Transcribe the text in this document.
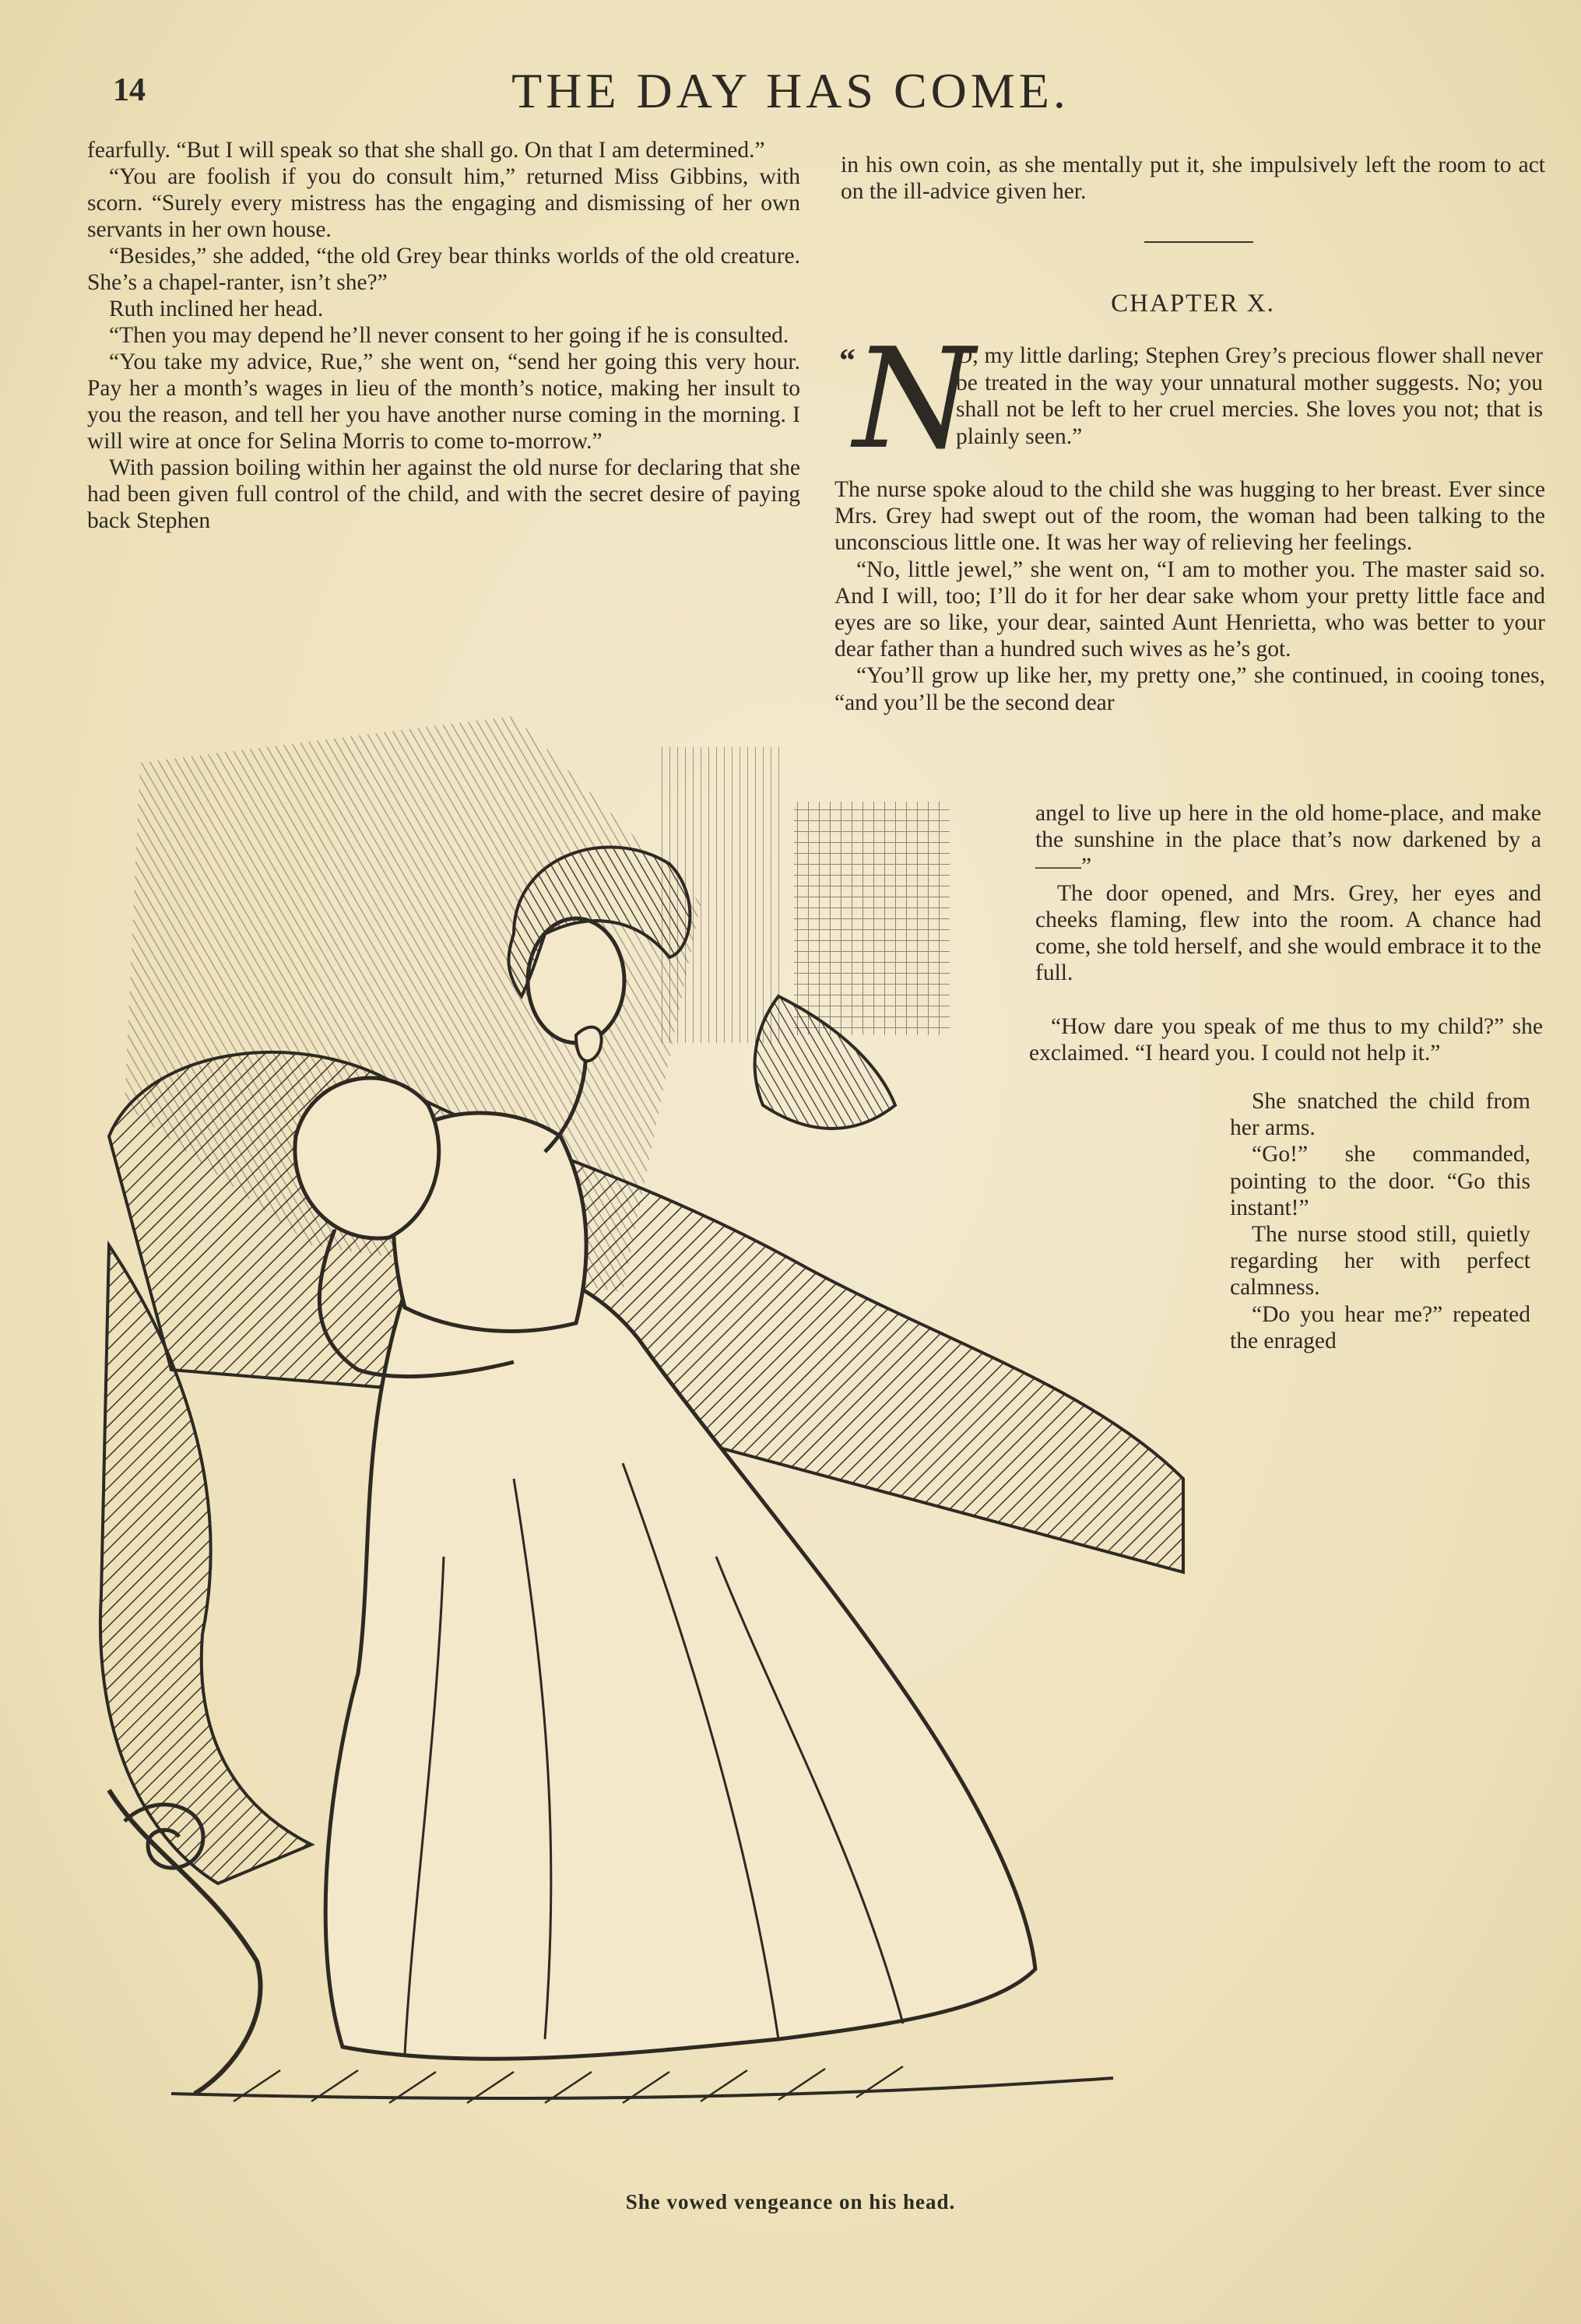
14	THE DAY HAS COME.

fearfully. “But I will speak so that she shall go. On that I am determined.”

“You are foolish if you do consult him,” returned Miss Gibbins, with scorn. “Surely every mistress has the engaging and dismissing of her own servants in her own house.

“Besides,” she added, “the old Grey bear thinks worlds of the old creature. She’s a chapel-ranter, isn’t she?”

Ruth inclined her head.

“Then you may depend he’ll never consent to her going if he is consulted.

“You take my advice, Rue,” she went on, “send her going this very hour. Pay her a month’s wages in lieu of the month’s notice, making her insult to you the reason, and tell her you have another nurse coming in the morning. I will wire at once for Selina Morris to come to-morrow.”

With passion boiling within her against the old nurse for declaring that she had been given full control of the child, and with the secret desire of paying back Stephen

in his own coin, as she mentally put it, she impulsively left the room to act on the ill-advice given her.
CHAPTER X.
“
N
O, my little darling; Stephen Grey’s precious flower shall never be treated in the way your unnatural mother suggests. No; you shall not be left to her cruel mercies. She loves you not; that is plainly seen.”

The nurse spoke aloud to the child she was hugging to her breast. Ever since Mrs. Grey had swept out of the room, the woman had been talking to the unconscious little one. It was her way of relieving her feelings.

“No, little jewel,” she went on, “I am to mother you. The master said so. And I will, too; I’ll do it for her dear sake whom your pretty little face and eyes are so like, your dear, sainted Aunt Henrietta, who was better to your dear father than a hundred such wives as he’s got.

“You’ll grow up like her, my pretty one,” she continued, in cooing tones, “and you’ll be the second dear

angel to live up here in the old home-place, and make the sunshine in the place that’s now darkened by a ——”

The door opened, and Mrs. Grey, her eyes and cheeks flaming, flew into the room. A chance had come, she told herself, and she would embrace it to the full.

“How dare you speak of me thus to my child?” she exclaimed. “I heard you. I could not help it.”

She snatched the child from her arms.

“Go!” she commanded, pointing to the door. “Go this instant!”

The nurse stood still, quietly regarding her with perfect calmness.

“Do you hear me?” repeated the enraged

She vowed vengeance on his head.
